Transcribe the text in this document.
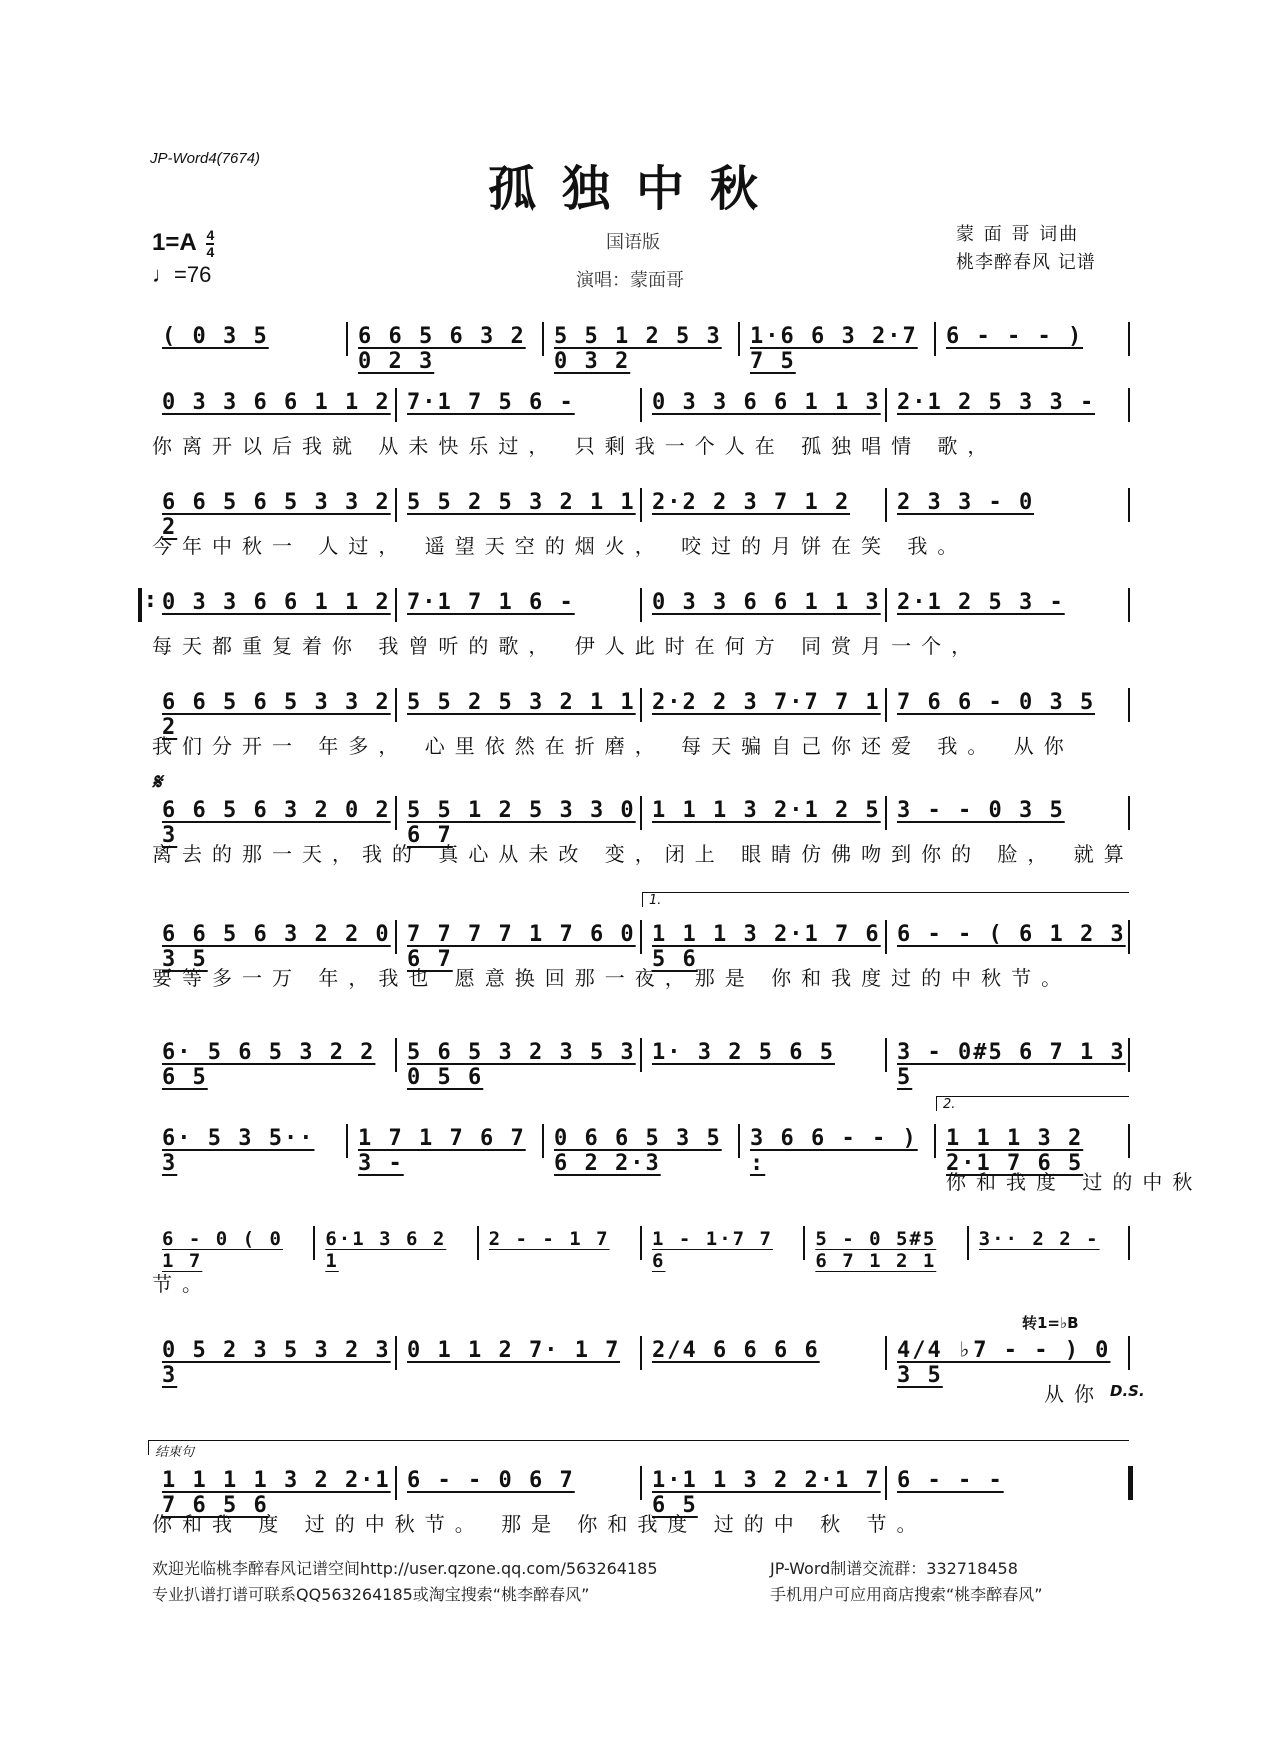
JP-Word4(7674)
孤独中秋
$1=A \frac{4}{4}$
♩=76
国语版
演唱：蒙面哥
蒙 面 哥 词曲
桃李醉春风 记谱
( 0 3 5	6 6 5 6 3 2 0 2 3
5 5 1 2 5 3 0 3 2
1·6 6 3 2·7 7 5
6 - - - )
0 3 3 6 6 1 1 2 7·1 7 5 6 -	0 3 3 6 6 1 1 3 2·1 2 5 3 3 -
你离开以后我就 从未快乐过， 只剩我一个人在 孤独唱情 歌，
6 6 5 6 5 3 3 2 2
5 5 2 5 3 2 1 1 2·2 2 3 7 1 2 2 3 3 - 0
今年中秋一 人过， 遥望天空的烟火， 咬过的月饼在笑 我。
0 3 3 6 6 1 1 2 7·1 7 1 6 -	0 3 3 6 6 1 1 3 2·1 2 5 3 -
:
每天都重复着你 我曾听的歌， 伊人此时在何方 同赏月一个，
6 6 5 6 5 3 3 2 2
5 5 2 5 3 2 1 1 2·2 2 3 7·7 7 1 7 6 6 - 0 3 5
我们分开一 年多， 心里依然在折磨， 每天骗自己你还爱 我。 从你
6 6 5 6 3 2 0 2 3
5 5 1 2 5 3 3 0 6 7
1 1 1 3 2·1 2 5 3 - - 0 3 5
𝄋
离去的那一天，我的 真心从未改 变，闭上 眼睛仿佛吻到你的 脸， 就算
6 6 5 6 3 2 2 0 3 5
7 7 7 7 1 7 6 0 6 7
1 1 1 3 2·1 7 6 5 6
6 - - ( 6 1 2 3
1.
要等多一万 年，我也 愿意换回那一夜，那是 你和我度过的中秋节。
6· 5 6 5 3 2 2 6 5
5 6 5 3 2 3 5 3 0 5 6
1· 3 2 5 6 5	3 - 0#5 6 7 1 3 5
6· 5 3 5·· 3
1 7 1 7 6 7 3 -
0 6 6 5 3 5 6 2 2·3
3 6 6 - - ) :
1 1 1 3 2 2·1 7 6 5
2.
你和我度 过的中秋
6 - 0 ( 0 1 7
6·1 3 6 2 1
2 - - 1 7 1 - 1·7 7 6
5 - 0 5#5 6 7 1 2 1
3·· 2 2 -
节。
0 5 2 3 5 3 2 3 3
0 1 1 2 7· 1 7 2/4 6 6 6 6	4/4 ♭7 - - ) 0 3 5
转1=♭B
从你 D.S.
1 1 1 1 3 2 2·1 7 6 5 6
6 - - 0 6 7	1·1 1 3 2 2·1 7 6 5
6 - - -
结束句
你和我 度 过的中秋节。 那是 你和我度 过的中 秋 节。
欢迎光临桃李醉春风记谱空间http://user.qzone.qq.com/563264185
专业扒谱打谱可联系QQ563264185或淘宝搜索“桃李醉春风”
JP-Word制谱交流群：332718458
手机用户可应用商店搜索“桃李醉春风”
